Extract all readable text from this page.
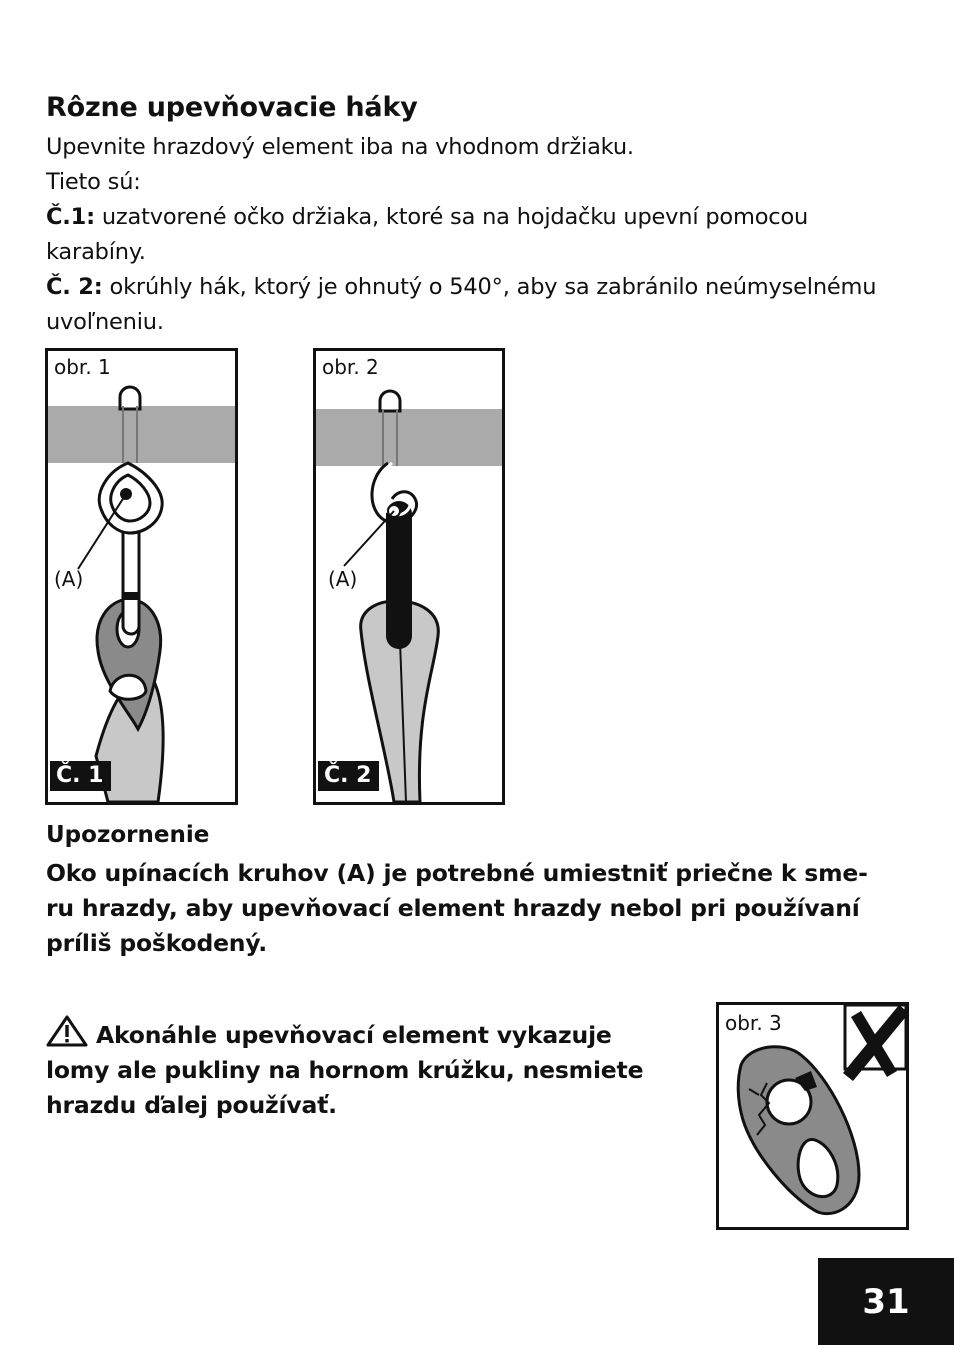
Rôzne upevňovacie háky
Upevnite hrazdový element iba na vhodnom držiaku.
Tieto sú:
Č.1: uzatvorené očko držiaka, ktoré sa na hojdačku upevní pomocou
karabíny.
Č. 2: okrúhly hák, ktorý je ohnutý o 540°, aby sa zabránilo neúmyselnému
uvoľneniu.
obr. 1
(A)
Č. 1
obr. 2
(A)
Č. 2
Upozornenie
Oko upínacích kruhov (A) je potrebné umiestniť priečne k sme-
ru hrazdy, aby upevňovací element hrazdy nebol pri používaní
príliš poškodený.
Akonáhle upevňovací element vykazuje
lomy ale pukliny na hornom krúžku, nesmiete
hrazdu ďalej používať.
obr. 3
31
